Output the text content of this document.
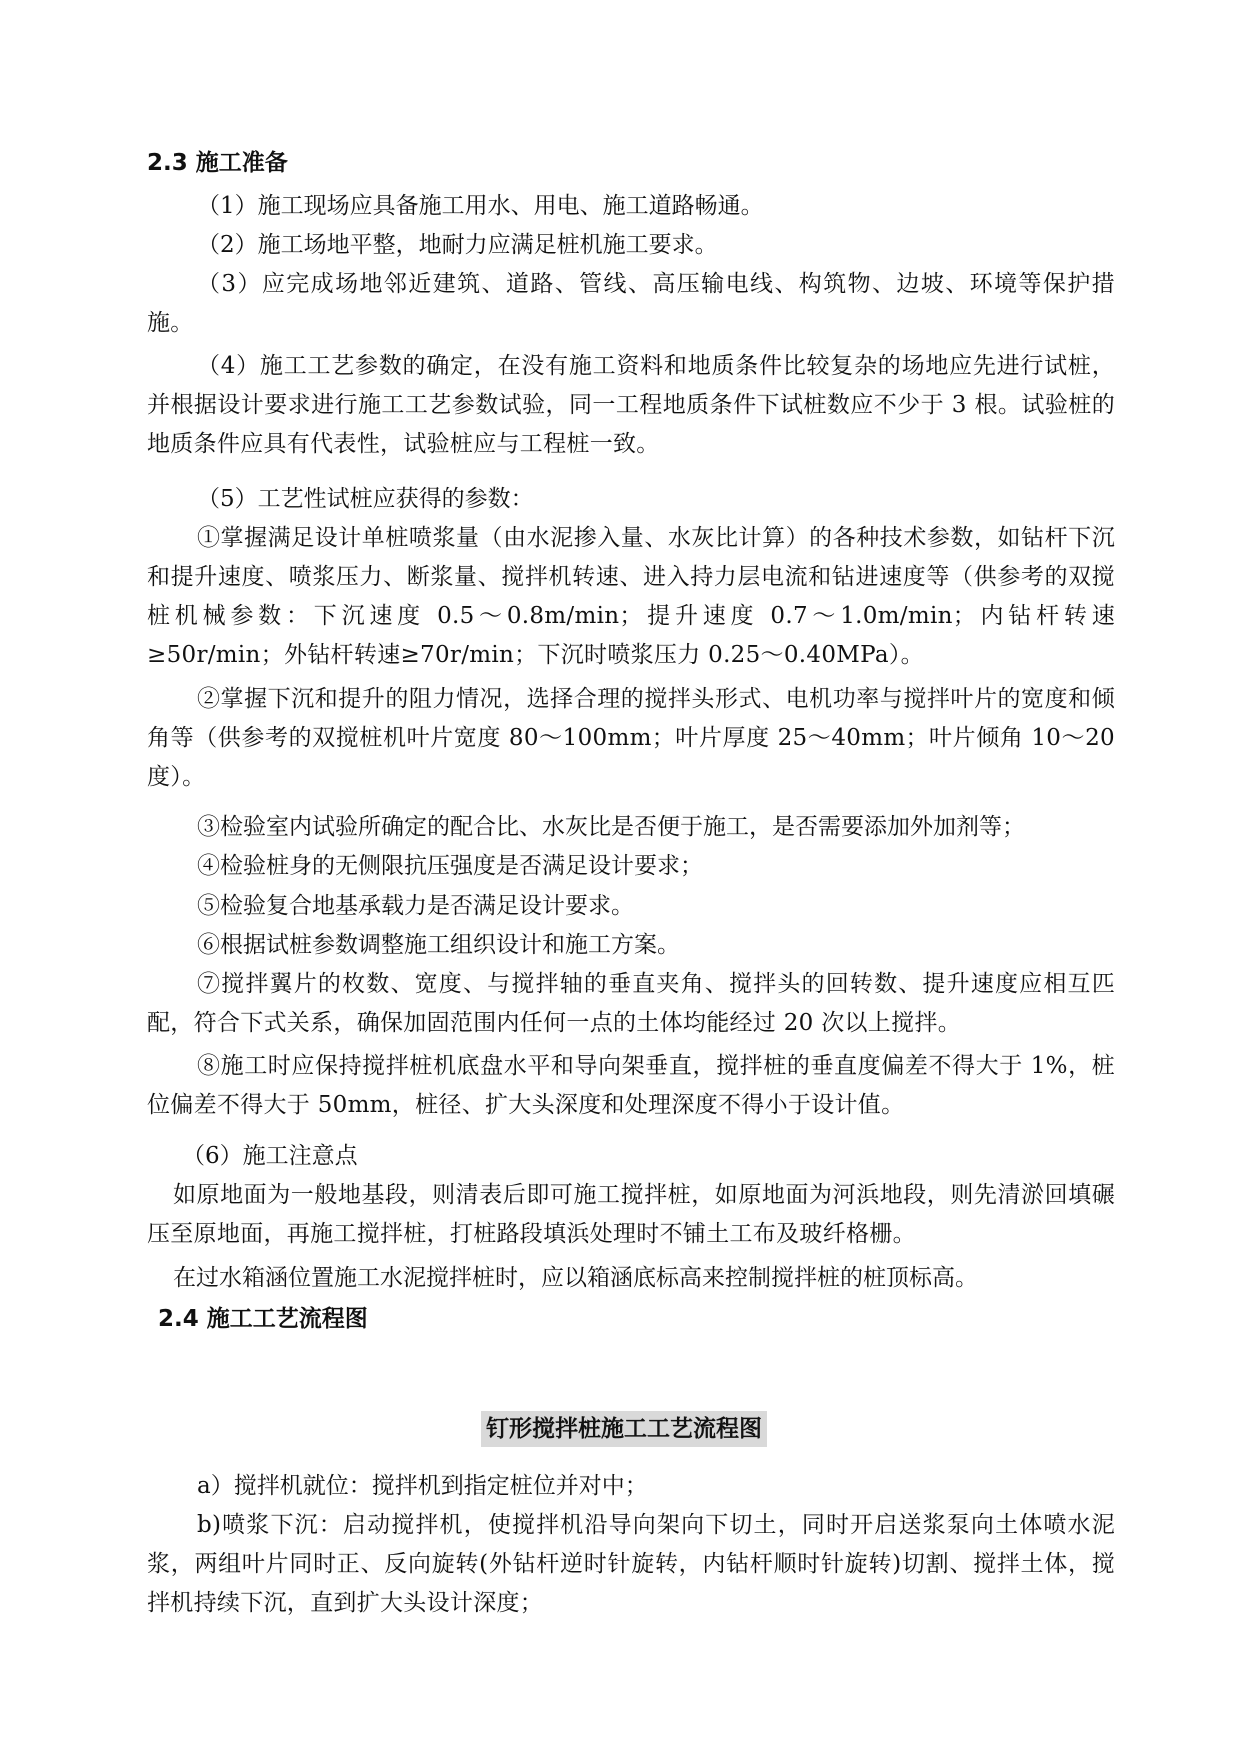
2.3 施工准备

（1）施工现场应具备施工用水、用电、施工道路畅通。

（2）施工场地平整，地耐力应满足桩机施工要求。

（3）应完成场地邻近建筑、道路、管线、高压输电线、构筑物、边坡、环境等保护措施。

（4）施工工艺参数的确定，在没有施工资料和地质条件比较复杂的场地应先进行试桩，并根据设计要求进行施工工艺参数试验，同一工程地质条件下试桩数应不少于 3 根。试验桩的地质条件应具有代表性，试验桩应与工程桩一致。

（5）工艺性试桩应获得的参数：

①掌握满足设计单桩喷浆量（由水泥掺入量、水灰比计算）的各种技术参数，如钻杆下沉和提升速度、喷浆压力、断浆量、搅拌机转速、进入持力层电流和钻进速度等（供参考的双搅桩机械参数：下沉速度 0.5～0.8m/min；提升速度 0.7～1.0m/min；内钻杆转速≥50r/min；外钻杆转速≥70r/min；下沉时喷浆压力 0.25～0.40MPa）。

②掌握下沉和提升的阻力情况，选择合理的搅拌头形式、电机功率与搅拌叶片的宽度和倾角等（供参考的双搅桩机叶片宽度 80～100mm；叶片厚度 25～40mm；叶片倾角 10～20 度）。

③检验室内试验所确定的配合比、水灰比是否便于施工，是否需要添加外加剂等；

④检验桩身的无侧限抗压强度是否满足设计要求；

⑤检验复合地基承载力是否满足设计要求。

⑥根据试桩参数调整施工组织设计和施工方案。

⑦搅拌翼片的枚数、宽度、与搅拌轴的垂直夹角、搅拌头的回转数、提升速度应相互匹配，符合下式关系，确保加固范围内任何一点的土体均能经过 20 次以上搅拌。

⑧施工时应保持搅拌桩机底盘水平和导向架垂直，搅拌桩的垂直度偏差不得大于 1%，桩位偏差不得大于 50mm，桩径、扩大头深度和处理深度不得小于设计值。

（6）施工注意点

如原地面为一般地基段，则清表后即可施工搅拌桩，如原地面为河浜地段，则先清淤回填碾压至原地面，再施工搅拌桩，打桩路段填浜处理时不铺土工布及玻纤格栅。

在过水箱涵位置施工水泥搅拌桩时，应以箱涵底标高来控制搅拌桩的桩顶标高。

2.4 施工工艺流程图

钉形搅拌桩施工工艺流程图

a）搅拌机就位：搅拌机到指定桩位并对中；

b)喷浆下沉：启动搅拌机，使搅拌机沿导向架向下切土，同时开启送浆泵向土体喷水泥浆，两组叶片同时正、反向旋转(外钻杆逆时针旋转，内钻杆顺时针旋转)切割、搅拌土体，搅拌机持续下沉，直到扩大头设计深度；
